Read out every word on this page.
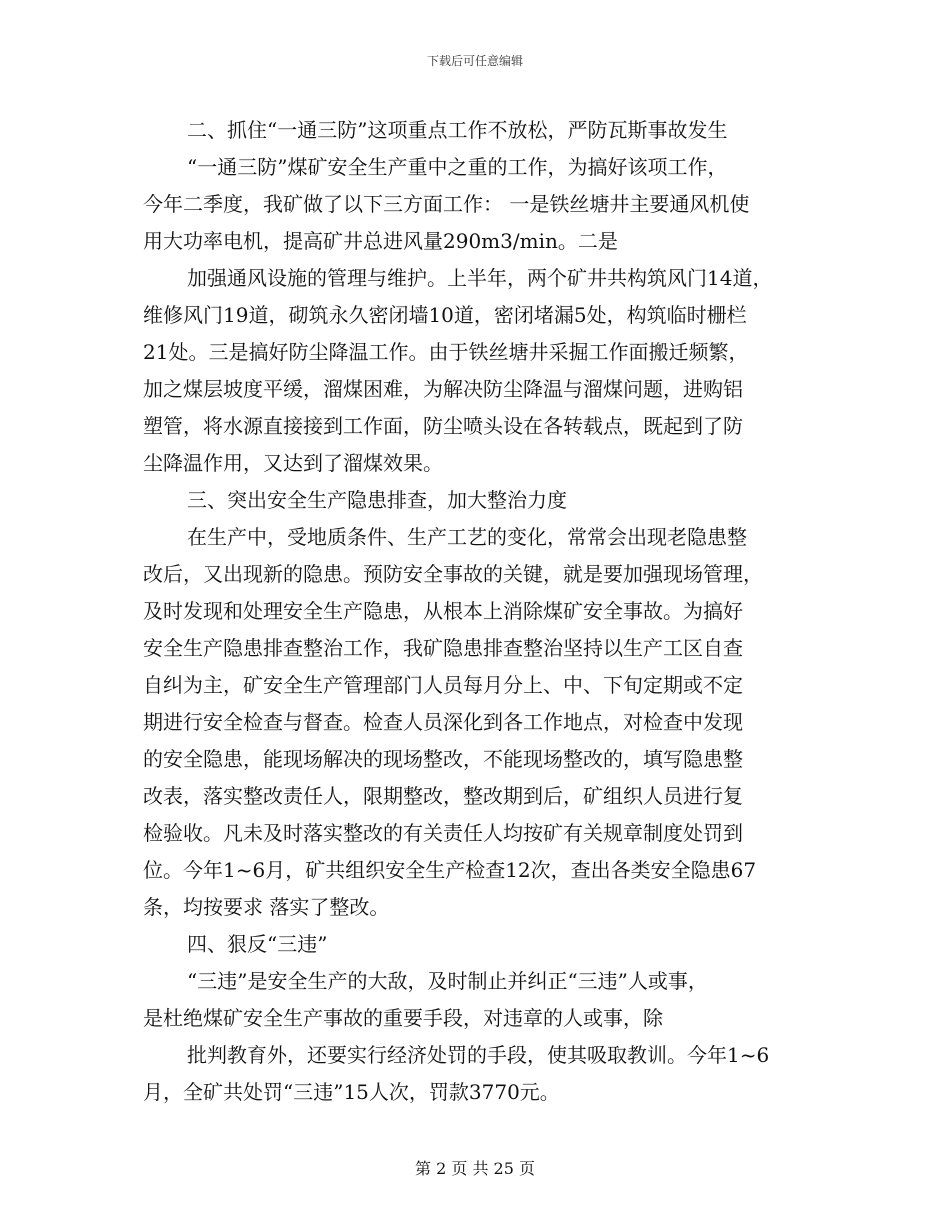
下载后可任意编辑
二、抓住“一通三防”这项重点工作不放松，严防瓦斯事故发生
“一通三防”煤矿安全生产重中之重的工作，为搞好该项工作，
今年二季度，我矿做了以下三方面工作： 一是铁丝塘井主要通风机使
用大功率电机，提高矿井总进风量290m3/min。二是
加强通风设施的管理与维护。上半年，两个矿井共构筑风门14道，
维修风门19道，砌筑永久密闭墙10道，密闭堵漏5处，构筑临时栅栏
21处。三是搞好防尘降温工作。由于铁丝塘井采掘工作面搬迁频繁，
加之煤层坡度平缓，溜煤困难，为解决防尘降温与溜煤问题，进购铝
塑管，将水源直接接到工作面，防尘喷头设在各转载点，既起到了防
尘降温作用，又达到了溜煤效果。
三、突出安全生产隐患排查，加大整治力度
在生产中，受地质条件、生产工艺的变化，常常会出现老隐患整
改后，又出现新的隐患。预防安全事故的关键，就是要加强现场管理，
及时发现和处理安全生产隐患，从根本上消除煤矿安全事故。为搞好
安全生产隐患排查整治工作，我矿隐患排查整治坚持以生产工区自查
自纠为主，矿安全生产管理部门人员每月分上、中、下旬定期或不定
期进行安全检查与督查。检查人员深化到各工作地点，对检查中发现
的安全隐患，能现场解决的现场整改，不能现场整改的，填写隐患整
改表，落实整改责任人，限期整改，整改期到后，矿组织人员进行复
检验收。凡未及时落实整改的有关责任人均按矿有关规章制度处罚到
位。今年1~6月，矿共组织安全生产检查12次，查出各类安全隐患67
条，均按要求 落实了整改。
四、狠反“三违”
“三违”是安全生产的大敌，及时制止并纠正“三违”人或事，
是杜绝煤矿安全生产事故的重要手段，对违章的人或事，除
批判教育外，还要实行经济处罚的手段，使其吸取教训。今年1~6
月，全矿共处罚“三违”15人次，罚款3770元。
第 2 页 共 25 页
